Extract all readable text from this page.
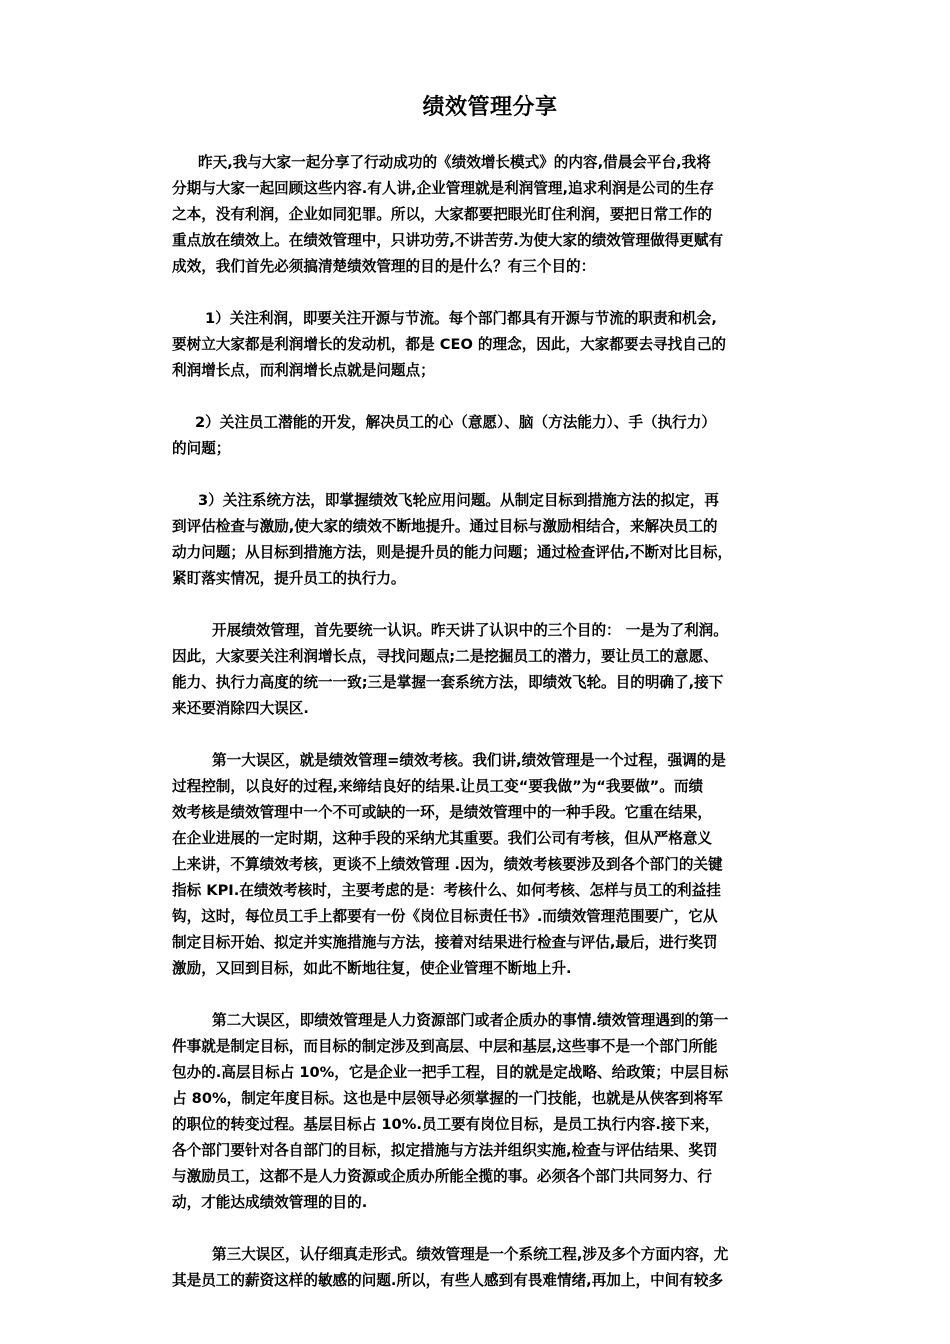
绩效管理分享

昨天,我与大家一起分享了行动成功的《绩效增长模式》的内容,借晨会平台,我将
分期与大家一起回顾这些内容.有人讲,企业管理就是利润管理,追求利润是公司的生存
之本，没有利润，企业如同犯罪。所以，大家都要把眼光盯住利润，要把日常工作的
重点放在绩效上。在绩效管理中，只讲功劳,不讲苦劳.为使大家的绩效管理做得更赋有
成效，我们首先必须搞清楚绩效管理的目的是什么？有三个目的：

1）关注利润，即要关注开源与节流。每个部门都具有开源与节流的职责和机会,
要树立大家都是利润增长的发动机，都是 CEO 的理念，因此，大家都要去寻找自己的
利润增长点，而利润增长点就是问题点；

2）关注员工潜能的开发，解决员工的心（意愿）、脑（方法能力）、手（执行力）
的问题；

3）关注系统方法，即掌握绩效飞轮应用问题。从制定目标到措施方法的拟定，再
到评估检查与激励,使大家的绩效不断地提升。通过目标与激励相结合，来解决员工的
动力问题；从目标到措施方法，则是提升员的能力问题；通过检查评估,不断对比目标，
紧盯落实情况，提升员工的执行力。

开展绩效管理，首先要统一认识。昨天讲了认识中的三个目的： 一是为了利润。
因此，大家要关注利润增长点，寻找问题点;二是挖掘员工的潜力，要让员工的意愿、
能力、执行力高度的统一一致;三是掌握一套系统方法，即绩效飞轮。目的明确了,接下
来还要消除四大误区.

第一大误区，就是绩效管理=绩效考核。我们讲,绩效管理是一个过程，强调的是
过程控制，以良好的过程,来缔结良好的结果.让员工变“要我做”为“我要做”。而绩
效考核是绩效管理中一个不可或缺的一环，是绩效管理中的一种手段。它重在结果，
在企业进展的一定时期，这种手段的采纳尤其重要。我们公司有考核，但从严格意义
上来讲，不算绩效考核，更谈不上绩效管理 .因为，绩效考核要涉及到各个部门的关键
指标 KPI.在绩效考核时，主要考虑的是：考核什么、如何考核、怎样与员工的利益挂
钩，这时，每位员工手上都要有一份《岗位目标责任书》.而绩效管理范围要广，它从
制定目标开始、拟定并实施措施与方法，接着对结果进行检查与评估,最后，进行奖罚
激励，又回到目标，如此不断地往复，使企业管理不断地上升.

第二大误区，即绩效管理是人力资源部门或者企质办的事情.绩效管理遇到的第一
件事就是制定目标，而目标的制定涉及到高层、中层和基层,这些事不是一个部门所能
包办的.高层目标占 10%，它是企业一把手工程，目的就是定战略、给政策；中层目标
占 80%，制定年度目标。这也是中层领导必须掌握的一门技能，也就是从侠客到将军
的职位的转变过程。基层目标占 10%.员工要有岗位目标，是员工执行内容.接下来，
各个部门要针对各自部门的目标，拟定措施与方法并组织实施,检查与评估结果、奖罚
与激励员工，这都不是人力资源或企质办所能全揽的事。必须各个部门共同努力、行
动，才能达成绩效管理的目的.

第三大误区，认仔细真走形式。绩效管理是一个系统工程,涉及多个方面内容，尤
其是员工的薪资这样的敏感的问题.所以，有些人感到有畏难情绪,再加上，中间有较多
